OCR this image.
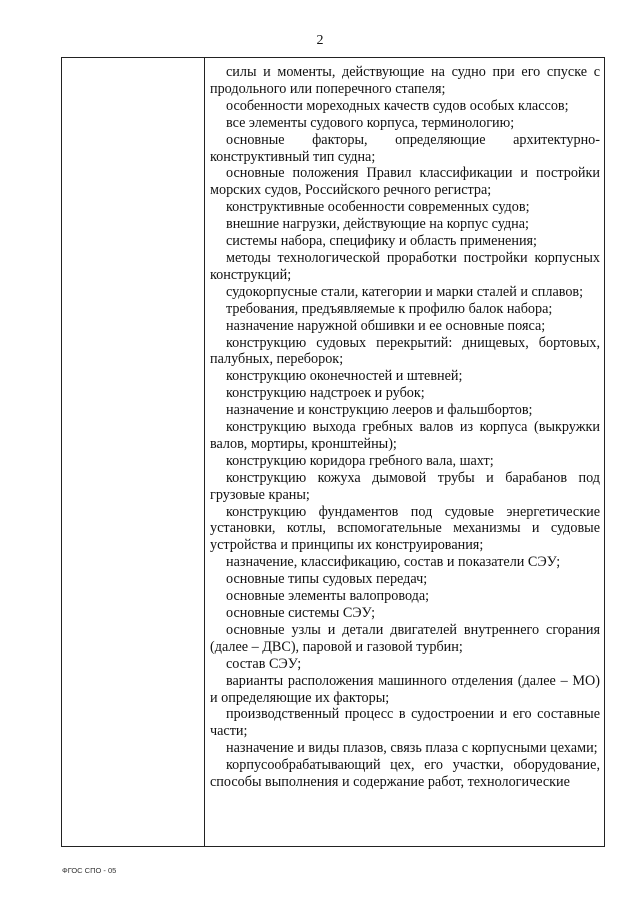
2

силы и моменты, действующие на судно при его спуске с продольного или поперечного стапеля;

особенности мореходных качеств судов особых классов;

все элементы судового корпуса, терминологию;

основные факторы, определяющие архитектурно-конструктивный тип судна;

основные положения Правил классификации и постройки морских судов, Российского речного регистра;

конструктивные особенности современных судов;

внешние нагрузки, действующие на корпус судна;

системы набора, специфику и область применения;

методы технологической проработки постройки корпусных конструкций;

судокорпусные стали, категории и марки сталей и сплавов;

требования, предъявляемые к профилю балок набора;

назначение наружной обшивки и ее основные пояса;

конструкцию судовых перекрытий: днищевых, бортовых, палубных, переборок;

конструкцию оконечностей и штевней;

конструкцию надстроек и рубок;

назначение и конструкцию лееров и фальшбортов;

конструкцию выхода гребных валов из корпуса (выкружки валов, мортиры, кронштейны);

конструкцию коридора гребного вала, шахт;

конструкцию кожуха дымовой трубы и барабанов под грузовые краны;

конструкцию фундаментов под судовые энергетические установки, котлы, вспомогательные механизмы и судовые устройства и принципы их конструирования;

назначение, классификацию, состав и показатели СЭУ;

основные типы судовых передач;

основные элементы валопровода;

основные системы СЭУ;

основные узлы и детали двигателей внутреннего сгорания (далее – ДВС), паровой и газовой турбин;

состав СЭУ;

варианты расположения машинного отделения (далее – МО) и определяющие их факторы;

производственный процесс в судостроении и его составные части;

назначение и виды плазов, связь плаза с корпусными цехами;

корпусообрабатывающий цех, его участки, оборудование, способы выполнения и содержание работ, технологические

ФГОС СПО - 05
